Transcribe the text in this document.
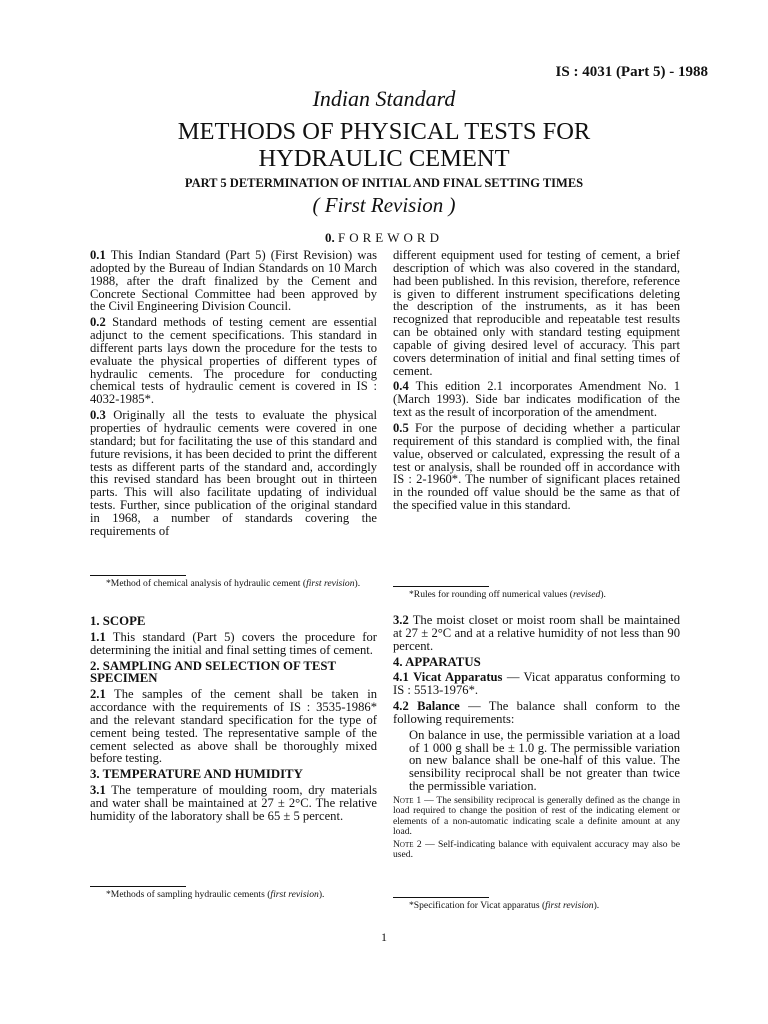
IS : 4031 (Part 5) - 1988
Indian Standard
METHODS OF PHYSICAL TESTS FOR
HYDRAULIC CEMENT
PART 5 DETERMINATION OF INITIAL AND FINAL SETTING TIMES
( First Revision )
0. FOREWORD

0.1 This Indian Standard (Part 5) (First Revision) was adopted by the Bureau of Indian Standards on 10 March 1988, after the draft finalized by the Cement and Concrete Sectional Committee had been approved by the Civil Engineering Division Council.

0.2 Standard methods of testing cement are essential adjunct to the cement specifications. This standard in different parts lays down the procedure for the tests to evaluate the physical properties of different types of hydraulic cements. The procedure for conducting chemical tests of hydraulic cement is covered in IS : 4032-1985*.

0.3 Originally all the tests to evaluate the physical properties of hydraulic cements were covered in one standard; but for facilitating the use of this standard and future revisions, it has been decided to print the different tests as different parts of the standard and, accordingly this revised standard has been brought out in thirteen parts. This will also facilitate updating of individual tests. Further, since publication of the original standard in 1968, a number of standards covering the requirements of

different equipment used for testing of cement, a brief description of which was also covered in the standard, had been published. In this revision, therefore, reference is given to different instrument specifications deleting the description of the instruments, as it has been recognized that reproducible and repeatable test results can be obtained only with standard testing equipment capable of giving desired level of accuracy. This part covers determination of initial and final setting times of cement.

0.4 This edition 2.1 incorporates Amendment No. 1 (March 1993). Side bar indicates modification of the text as the result of incorporation of the amendment.

0.5 For the purpose of deciding whether a particular requirement of this standard is complied with, the final value, observed or calculated, expressing the result of a test or analysis, shall be rounded off in accordance with IS : 2-1960*. The number of significant places retained in the rounded off value should be the same as that of the specified value in this standard.

*Method of chemical analysis of hydraulic cement (first revision).
*Rules for rounding off numerical values (revised).
1. SCOPE

1.1 This standard (Part 5) covers the procedure for determining the initial and final setting times of cement.

2. SAMPLING AND SELECTION OF TEST SPECIMEN

2.1 The samples of the cement shall be taken in accordance with the requirements of IS : 3535-1986* and the relevant standard specification for the type of cement being tested. The representative sample of the cement selected as above shall be thoroughly mixed before testing.

3. TEMPERATURE AND HUMIDITY

3.1 The temperature of moulding room, dry materials and water shall be maintained at 27 ± 2°C. The relative humidity of the laboratory shall be 65 ± 5 percent.

3.2 The moist closet or moist room shall be maintained at 27 ± 2°C and at a relative humidity of not less than 90 percent.

4. APPARATUS

4.1 Vicat Apparatus — Vicat apparatus conforming to IS : 5513-1976*.

4.2 Balance — The balance shall conform to the following requirements:

On balance in use, the permissible variation at a load of 1 000 g shall be ± 1.0 g. The permissible variation on new balance shall be one-half of this value. The sensibility reciprocal shall be not greater than twice the permissible variation.

Note 1 — The sensibility reciprocal is generally defined as the change in load required to change the position of rest of the indicating element or elements of a non-automatic indicating scale a definite amount at any load.

Note 2 — Self-indicating balance with equivalent accuracy may also be used.

*Methods of sampling hydraulic cements (first revision).
*Specification for Vicat apparatus (first revision).
1
